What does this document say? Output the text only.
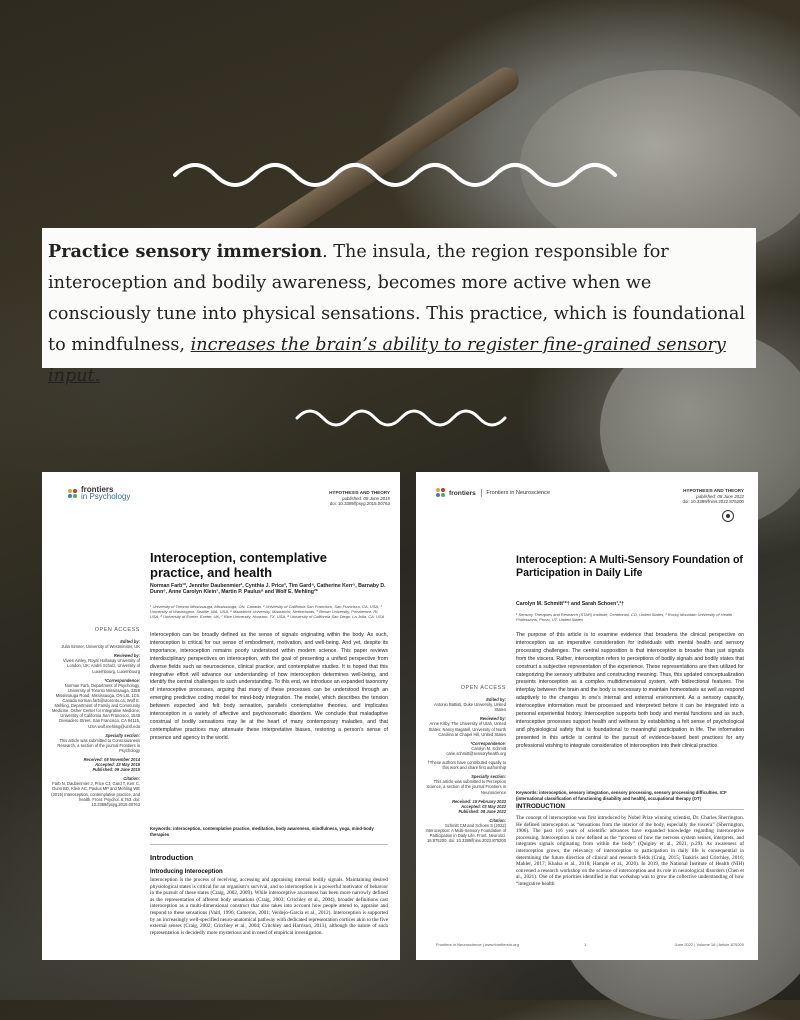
Practice sensory immersion. The insula, the region responsible for interoception and bodily awareness, becomes more active when we consciously tune into physical sensations. This practice, which is foundational to mindfulness, increases the brain’s ability to register fine-grained sensory input.
frontiers
in Psychology	HYPOTHESIS AND THEORY
published: 09 June 2015
doi: 10.3389/fpsyg.2015.00763
Interoception, contemplative practice, and health
Norman Farb¹*, Jennifer Daubenmier², Cynthia J. Price³, Tim Gard⁴, Catherine Kerr⁵, Barnaby D. Dunn⁶, Anne Carolyn Klein⁷, Martin P. Paulus⁸ and Wolf E. Mehling²*
¹ University of Toronto Mississauga, Mississauga, ON, Canada, ² University of California San Francisco, San Francisco, CA, USA, ³ University of Washington, Seattle, WA, USA, ⁴ Maastricht University, Maastricht, Netherlands, ⁵ Brown University, Providence, RI, USA, ⁶ University of Exeter, Exeter, UK, ⁷ Rice University, Houston, TX, USA, ⁸ University of California San Diego, La Jolla, CA, USA
OPEN ACCESS
Edited by:
Julia Simner, University of Westminster, UK
Reviewed by:
Vivien Ainley, Royal Holloway University of London, UK; André Schulz, University of Luxembourg, Luxembourg
*Correspondence:
Norman Farb, Department of Psychology, University of Toronto Mississauga, 3359 Mississauga Road, Mississauga, ON L5L 1C6, Canada norman.farb@utoronto.ca; Wolf E. Mehling, Department of Family and Community Medicine, Osher Center for Integrative Medicine, University of California San Francisco, 1545 Divisadero Street, San Francisco, CA 94115, USA wolf.mehling@ucsf.edu
Specialty section:
This article was submitted to Consciousness Research, a section of the journal Frontiers in Psychology
Received: 05 November 2014
Accepted: 22 May 2015
Published: 09 June 2015
Citation:
Farb N, Daubenmier J, Price CJ, Gard T, Kerr C, Dunn BD, Klein AC, Paulus MP and Mehling WE (2015) Interoception, contemplative practice, and health. Front. Psychol. 6:763. doi: 10.3389/fpsyg.2015.00763
Interoception can be broadly defined as the sense of signals originating within the body. As such, interoception is critical for our sense of embodiment, motivation, and well-being. And yet, despite its importance, interoception remains poorly understood within modern science. This paper reviews interdisciplinary perspectives on interoception, with the goal of presenting a unified perspective from diverse fields such as neuroscience, clinical practice, and contemplative studies. It is hoped that this integrative effort will advance our understanding of how interoception determines well-being, and identify the central challenges to such understanding. To this end, we introduce an expanded taxonomy of interoceptive processes, arguing that many of these processes can be understood through an emerging predictive coding model for mind-body integration. The model, which describes the tension between expected and felt body sensation, parallels contemplative theories, and implicates interoception in a variety of affective and psychosomatic disorders. We conclude that maladaptive construal of bodily sensations may lie at the heart of many contemporary maladies, and that contemplative practices may attenuate these interpretative biases, restoring a person’s sense of presence and agency in the world.
Keywords: interoception, contemplative practice, meditation, body awareness, mindfulness, yoga, mind-body therapies
Introduction
Introducing Interoception
Interoception is the process of receiving, accessing and appraising internal bodily signals. Maintaining desired physiological states is critical for an organism’s survival, and so interoception is a powerful motivator of behavior in the pursuit of these states (Craig, 2002, 2009). While interoceptive awareness has been more narrowly defined as the representation of afferent body sensations (Craig, 2003; Critchley et al., 2004), broader definitions cast interoception as a multi-dimensional construct that also takes into account how people attend to, appraise and respond to these sensations (Vaitl, 1996; Cameron, 2001; Verdejo-Garcia et al., 2012). Interoception is supported by an increasingly well-specified neuro-anatomical pathway with dedicated representation cortices akin to the five external senses (Craig, 2002; Critchley et al., 2004; Critchley and Harrison, 2013), although the nature of such representation is decidedly more mysterious and in need of empirical investigation.
frontiers Frontiers in Neuroscience	HYPOTHESIS AND THEORY
published: 08 June 2022
doi: 10.3389/fnins.2022.875200
Interoception: A Multi-Sensory Foundation of Participation in Daily Life
Carolyn M. Schmitt¹*† and Sarah Schoen¹,²†
¹ Sensory Therapies and Research (STAR) Institute, Centennial, CO, United States, ² Rocky Mountain University of Health Professions, Provo, UT, United States
OPEN ACCESS
Edited by:
Antonio Battisti, Duke University, United States
Reviewed by:
Anne Kirby, The University of Utah, United States; Nancy Bagatell, University of North Carolina at Chapel Hill, United States
*Correspondence:
Carolyn M. Schmitt carie.schmitt@sensoryhealth.org
†These authors have contributed equally to this work and share first authorship
Specialty section:
This article was submitted to Perception Science, a section of the journal Frontiers in Neuroscience
Received: 15 February 2022
Accepted: 03 May 2022
Published: 08 June 2022
Citation:
Schmitt CM and Schoen S (2022) Interoception: A Multi-Sensory Foundation of Participation in Daily Life. Front. Neurosci. 16:875200. doi: 10.3389/fnins.2022.875200
The purpose of this article is to examine evidence that broadens the clinical perspective on interoception as an imperative consideration for individuals with mental health and sensory processing challenges. The central supposition is that interoception is broader than just signals from the viscera. Rather, interoception refers to perceptions of bodily signals and bodily states that construct a subjective representation of the experience. These representations are then utilized for categorizing the sensory attributes and constructing meaning. Thus, this updated conceptualization presents interoception as a complex multidimensional system, with bidirectional features. The interplay between the brain and the body is necessary to maintain homeostasis as well as respond adaptively to the changes in one’s internal and external environment. As a sensory capacity, interoceptive information must be processed and interpreted before it can be integrated into a personal experiential history. Interoception supports both body and mental functions and as such, interoceptive processes support health and wellness by establishing a felt sense of psychological and physiological safety that is foundational to meaningful participation in life. The information presented in this article is central to the pursuit of evidence-based best practices for any professional wishing to integrate consideration of interoception into their clinical practice.
Keywords: interoception, sensory integration, sensory processing, sensory processing difficulties, ICF (international classification of functioning disability and health), occupational therapy (OT)
INTRODUCTION
The concept of interoception was first introduced by Nobel Prize winning scientist, Dr. Charles Sherrington. He defined interoception as “sensations from the interior of the body, especially the viscera” (Sherrington, 1906). The past 116 years of scientific advances have expanded knowledge regarding interoceptive processing. Interoception is now defined as the “process of how the nervous system senses, interprets, and integrates signals originating from within the body” (Quigley et al., 2021, p.29). As awareness of interoception grows, the relevancy of interoception to participation in daily life is consequential in determining the future direction of clinical and research fields (Craig, 2015; Tsakiris and Critchley, 2016; Mahler, 2017; Khalsa et al., 2018; Hample et al., 2020). In 2019, the National Institute of Health (NIH) convened a research workshop on the science of interoception and its role in neurological disorders (Chen et al., 2021). One of the priorities identified in that workshop was to grow the collective understanding of how “integrative health
Frontiers in Neuroscience | www.frontiersin.org	1	June 2022 | Volume 16 | Article 875200
